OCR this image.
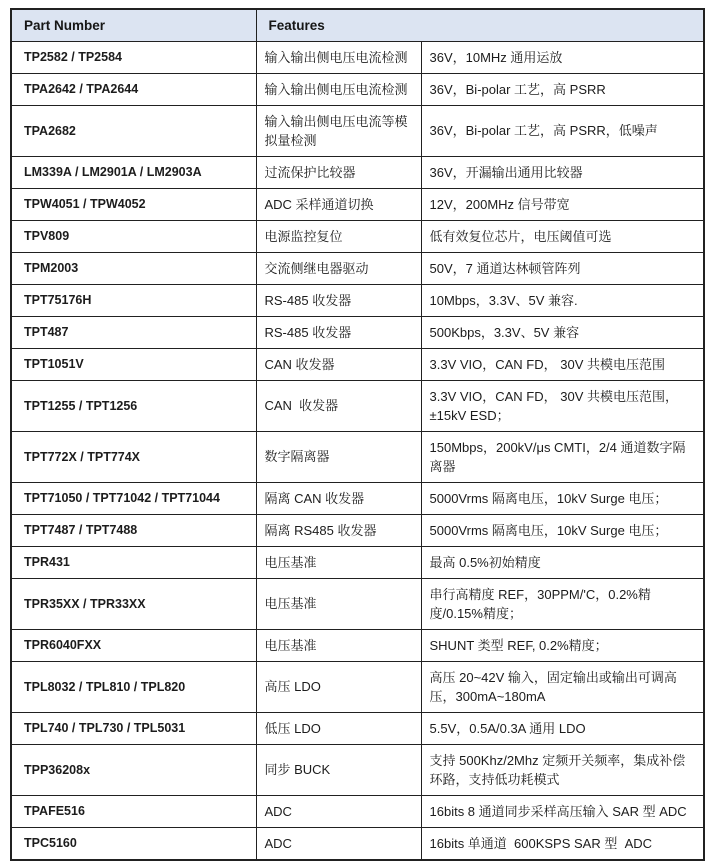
Part Number	Features	
TP2582 / TP2584	输入输出侧电压电流检测	36V，10MHz 通用运放
TPA2642 / TPA2644	输入输出侧电压电流检测	36V，Bi-polar 工艺，高 PSRR
TPA2682	输入输出侧电压电流等模拟量检测	36V，Bi-polar 工艺，高 PSRR，低噪声
LM339A / LM2901A / LM2903A	过流保护比较器	36V，开漏输出通用比较器
TPW4051 / TPW4052	ADC 采样通道切换	12V，200MHz 信号带宽
TPV809	电源监控复位	低有效复位芯片，电压阈值可选
TPM2003	交流侧继电器驱动	50V，7 通道达林顿管阵列
TPT75176H	RS-485 收发器	10Mbps，3.3V、5V 兼容.
TPT487	RS-485 收发器	500Kbps，3.3V、5V 兼容
TPT1051V	CAN 收发器	3.3V VIO，CAN FD， 30V 共模电压范围
TPT1255 / TPT1256	CAN  收发器	3.3V VIO，CAN FD， 30V 共模电压范围，±15kV ESD；
TPT772X / TPT774X	数字隔离器	150Mbps，200kV/μs CMTI，2/4 通道数字隔离器
TPT71050 / TPT71042 / TPT71044	隔离 CAN 收发器	5000Vrms 隔离电压，10kV Surge 电压；
TPT7487 / TPT7488	隔离 RS485 收发器	5000Vrms 隔离电压，10kV Surge 电压；
TPR431	电压基准	最高 0.5%初始精度
TPR35XX / TPR33XX	电压基准	串行高精度 REF，30PPM/'C，0.2%精度/0.15%精度；
TPR6040FXX	电压基准	SHUNT 类型 REF, 0.2%精度；
TPL8032 / TPL810 / TPL820	高压 LDO	高压 20~42V 输入，固定输出或输出可调高压，300mA~180mA
TPL740 / TPL730 / TPL5031	低压 LDO	5.5V，0.5A/0.3A 通用 LDO
TPP36208x	同步 BUCK	支持 500Khz/2Mhz 定频开关频率，集成补偿环路，支持低功耗模式
TPAFE516	ADC	16bits 8 通道同步采样高压输入 SAR 型 ADC
TPC5160	ADC	16bits 单通道  600KSPS SAR 型  ADC
